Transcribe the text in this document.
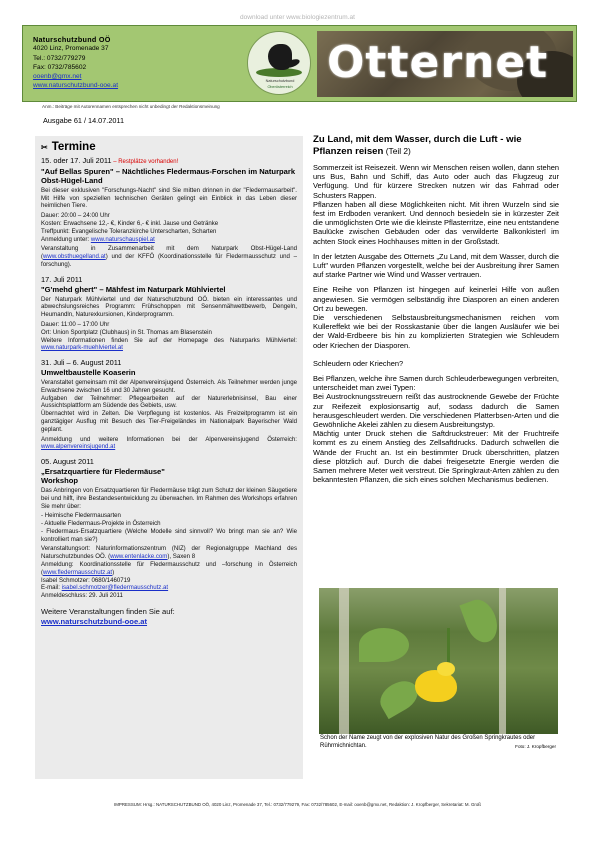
download unter www.biologiezentrum.at
Naturschutzbund OÖ
4020 Linz, Promenade 37
Tel.: 0732/779279
Fax: 0732/785602
ooenb@gmx.net
www.naturschutzbund-ooe.at
Naturschutzbund
Oberösterreich Otternet
Anm.: Beiträge mit Autorennamen entsprechen nicht unbedingt der Redaktionsmeinung
Ausgabe 61 / 14.07.2011
✂ Termine
15. oder 17. Juli 2011 – Restplätze vorhanden!
"Auf Bellas Spuren" – Nächtliches Fledermaus-Forschen im Naturpark Obst-Hügel-Land

Bei dieser exklusiven "Forschungs-Nacht" sind Sie mitten drinnen in der "Fledermausarbeit". Mit Hilfe von speziellen technischen Geräten gelingt ein Einblick in das Leben dieser heimlichen Tiere.

Dauer: 20:00 – 24:00 Uhr
Kosten: Erwachsene 12,- €, Kinder 6,- € inkl. Jause und Getränke
Treffpunkt: Evangelische Toleranzkirche Unterscharten, Scharten
Anmeldung unter: www.naturschauspiel.at

Veranstaltung in Zusammenarbeit mit dem Naturpark Obst-Hügel-Land (www.obsthuegelland.at) und der KFFÖ (Koordinationsstelle für Fledermausschutz und –forschung).

17. Juli 2011
"G'mehd ghert" – Mähfest im Naturpark Mühlviertel

Der Naturpark Mühlviertel und der Naturschutzbund OÖ. bieten ein interessantes und abwechslungsreiches Programm: Frühschoppen mit Sensenmähwettbewerb, Dengeln, Heumandln, Naturexkursionen, Kinderprogramm.

Dauer: 11:00 – 17:00 Uhr
Ort: Union Sportplatz (Clubhaus) in St. Thomas am Blasenstein
Weitere Informationen finden Sie auf der Homepage des Naturparks Mühlviertel: www.naturpark-muehlviertel.at

31. Juli – 6. August 2011
Umweltbaustelle Koaserin

Veranstaltet gemeinsam mit der Alpenvereinsjugend Österreich. Als Teilnehmer werden junge Erwachsene zwischen 16 und 30 Jahren gesucht.
Aufgaben der Teilnehmer: Pflegearbeiten auf der Naturerlebnisinsel, Bau einer Aussichtsplattform am Südende des Gebiets, usw.
Übernachtet wird in Zelten. Die Verpflegung ist kostenlos. Als Freizeitprogramm ist ein ganztägiger Ausflug mit Besuch des Tier-Freigeländes im Nationalpark Bayerischer Wald geplant.

Anmeldung und weitere Informationen bei der Alpenvereinsjugend Österreich: www.alpenvereinsjugend.at

05. August 2011
„Ersatzquartiere für Fledermäuse"
Workshop

Das Anbringen von Ersatzquartieren für Fledermäuse trägt zum Schutz der kleinen Säugetiere bei und hilft, ihre Bestandesentwicklung zu überwachen. Im Rahmen des Workshops erfahren Sie mehr über:

- Heimische Fledermausarten
- Aktuelle Fledermaus-Projekte in Österreich
- Fledermaus-Ersatzquartiere (Welche Modelle sind sinnvoll? Wo bringt man sie an? Wie kontrolliert man sie?)

Veranstaltungsort: Naturinformationszentrum (NIZ) der Regionalgruppe Machland des Naturschutzbundes OÖ. (www.entenlacke.com), Saxen 8
Anmeldung: Koordinationsstelle für Fledermausschutz und –forschung in Österreich (www.fledermausschutz.at)
Isabel Schmotzer: 0680/1460719
E-mail: isabel.schmotzer@fledermausschutz.at
Anmeldeschluss: 29. Juli 2011

Weitere Veranstaltungen finden Sie auf:
www.naturschutzbund-ooe.at
Zu Land, mit dem Wasser, durch die Luft - wie Pflanzen reisen (Teil 2)

Sommerzeit ist Reisezeit. Wenn wir Menschen reisen wollen, dann stehen uns Bus, Bahn und Schiff, das Auto oder auch das Flugzeug zur Verfügung. Und für kürzere Strecken nutzen wir das Fahrrad oder Schusters Rappen.

Pflanzen haben all diese Möglichkeiten nicht. Mit ihren Wurzeln sind sie fest im Erdboden verankert. Und dennoch besiedeln sie in kürzester Zeit die unmöglichsten Orte wie die kleinste Pflasterritze, eine neu entstandene Baulücke zwischen Gebäuden oder das verwilderte Balkonkisterl im achten Stock eines Hochhauses mitten in der Großstadt.

In der letzten Ausgabe des Otternets „Zu Land, mit dem Wasser, durch die Luft" wurden Pflanzen vorgestellt, welche bei der Ausbreitung ihrer Samen auf starke Partner wie Wind und Wasser vertrauen.

Eine Reihe von Pflanzen ist hingegen auf keinerlei Hilfe von außen angewiesen. Sie vermögen selbständig ihre Diasporen an einen anderen Ort zu bewegen.

Die verschiedenen Selbstausbreitungsmechanismen reichen vom Kullereffekt wie bei der Rosskastanie über die langen Ausläufer wie bei der Wald-Erdbeere bis hin zu komplizierten Strategien wie Schleudern oder Kriechen der Diasporen.

Schleudern oder Kriechen?

Bei Pflanzen, welche ihre Samen durch Schleuderbewegungen verbreiten, unterscheidet man zwei Typen:

Bei Austrocknungsstreuern reißt das austrocknende Gewebe der Früchte zur Reifezeit explosionsartig auf, sodass dadurch die Samen herausgeschleudert werden. Die verschiedenen Platterbsen-Arten und die Gewöhnliche Akelei zählen zu diesem Ausbreitungstyp.

Mächtig unter Druck stehen die Saftdruckstreuer: Mit der Fruchtreife kommt es zu einem Anstieg des Zellsaftdrucks. Dadurch schwellen die Wände der Frucht an. Ist ein bestimmter Druck überschritten, platzen diese plötzlich auf. Durch die dabei freigesetzte Energie werden die Samen mehrere Meter weit verstreut. Die Springkraut-Arten zählen zu den bekanntesten Pflanzen, die sich eines solchen Mechanismus bedienen.

Schon der Name zeugt von der explosiven Natur des Großen Springkrautes oder Rührmichnichtan.	Foto: J. Kropfberger
IMPRESSUM: Hrsg.: NATURSCHUTZBUND OÖ, 4020 Linz, Promenade 37, Tel.: 0732/779279, Fax: 0732/785602, E-mail: ooenb@gmx.net, Redaktion: J. Kropfberger, Sekretariat: M. Groß
